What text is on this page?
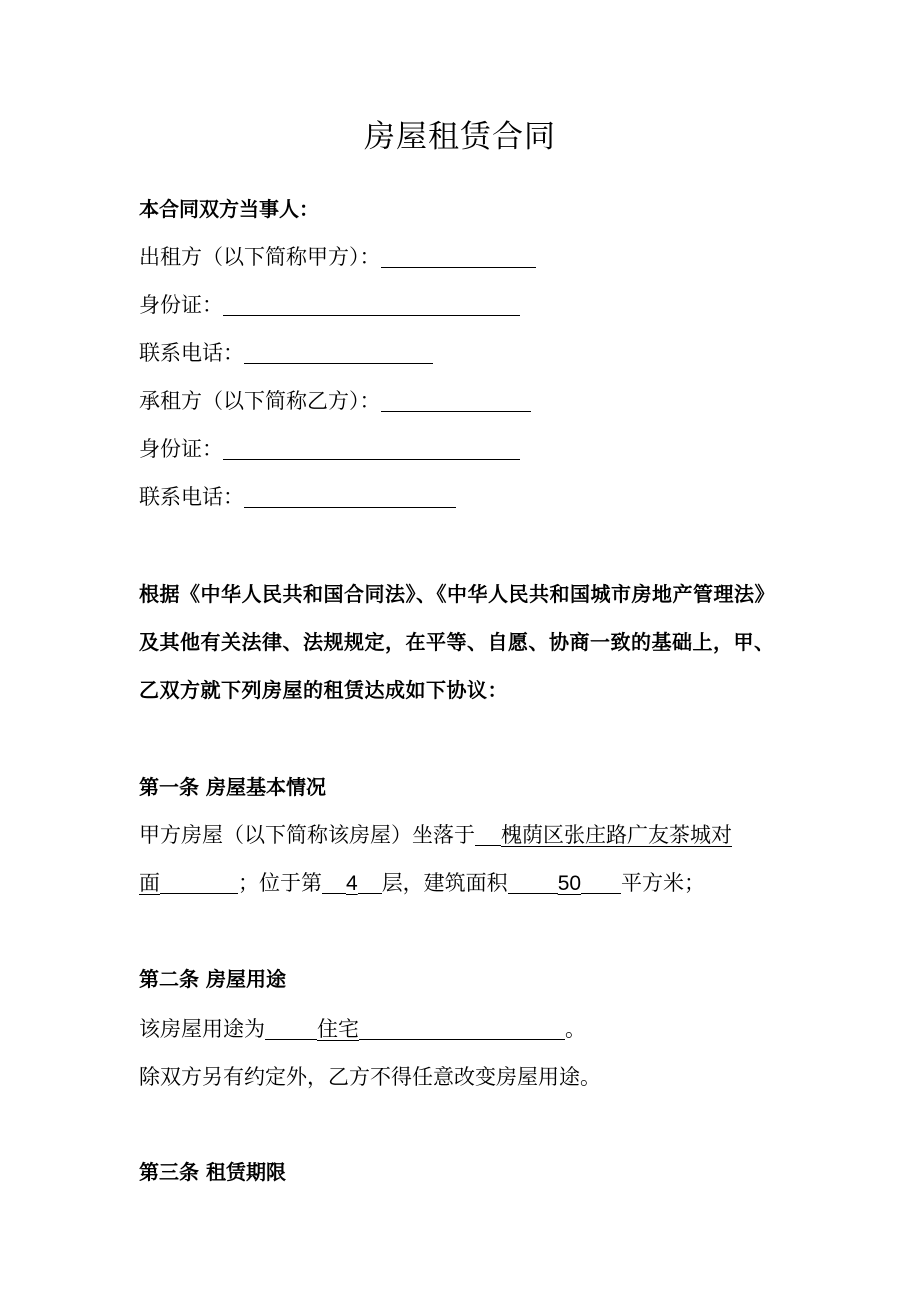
房屋租赁合同
本合同双方当事人：
出租方（以下简称甲方）：
身份证：
联系电话：
承租方（以下简称乙方）：
身份证：
联系电话：
根据《中华人民共和国合同法》、《中华人民共和国城市房地产管理法》及其他有关法律、法规规定，在平等、自愿、协商一致的基础上，甲、乙双方就下列房屋的租赁达成如下协议：
第一条 房屋基本情况
甲方房屋（以下简称该房屋）坐落于 槐荫区张庄路广友茶城对
面	；位于第 4 层，建筑面积 50 平方米；
第二条 房屋用途
该房屋用途为 住宅	。
除双方另有约定外，乙方不得任意改变房屋用途。
第三条 租赁期限
